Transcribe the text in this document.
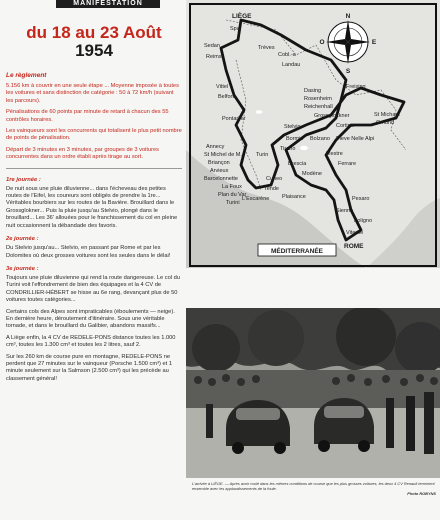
MANIFESTATION
du 18 au 23 Août
1954
Le règlement

5.156 km à couvrir en une seule étape ... Moyenne imposée à toutes les voitures et sans distinction de catégorie : 50 à 72 km/h (suivant les parcours).

Pénalisations de 60 points par minute de retard à chacun des 55 contrôles horaires.

Les vainqueurs sont les concurrents qui totalisent le plus petit nombre de points de pénalisation.

Départ de 3 minutes en 3 minutes, par groupes de 3 voitures concurrentes dans un ordre établi après tirage au sort.

1re journée :

De nuit sous une pluie diluvienne... dans l'écheveau des petites routes de l'Eifel, les coureurs sont obligés de prendre la 1re... Véritables bourbiers sur les routes de la Bavière. Brouillard dans le Grossglokner... Puis la pluie jusqu'au Stelvio, plongé dans le brouillard... Les 36' allouées pour le franchissement du col en pleine nuit occasionnent la débandade des favoris.

2e journée :

Du Stelvio jusqu'au... Stelvio, en passant par Rome et par les Dolomites où deux grosses voitures sont les seules dans le délai!

3e journée :

Toujours une pluie diluvienne qui rend la route dangereuse. Le col du Turini voit l'effondrement de bien des équipages et la 4 CV de CONDRILLIER-HÉBERT se hisse au 6e rang, devançant plus de 50 voitures toutes catégories...

Certains cols des Alpes sont impraticables (éboulements — neige). En dernière heure, déroutement d'itinéraire. Sous une véritable tornade, et dans le brouillard du Galibier, abandons massifs...

A Liège enfin, la 4 CV de REDELE-PONS distance toutes les 1.000 cm³, toutes les 1.300 cm³ et toutes les 2 litres, sauf 2.

Sur les 260 km de course pure en montagne, REDELE-PONS ne perdent que 27 minutes sur le vainqueur (Porsche 1.500 cm³) et 1 minute seulement sur la Salmson (2.500 cm³) qui les précède au classement général!

N
E
S
O
LIÈGE
Spa
Sedan	Trèves
Cobl.-a
Reims
Landau
Vittel
Belfort
Pontarlier
Dasing
Rosenheim
Reichenhall
Freising
Grossglockner	St Michael
Gmünd
Cortina
Stelvio
Pieve Nelle Alpi
Annecy
St Michel de M.
Briançon
Arvieux
Barcelonnette
La Foux
Plan du Var
Turini
Turin
Cuneo
Tende
Bormio Bolzano
Brescia
Mestre
Modène
Ferrare
Plaisance
Tirano
Pesaro
Sienne
Foligno
Viterbe
ROME
L'Escarène
MÉDITERRANÉE
L'arrivée à LIÈGE. — Après avoir roulé dans les mêmes conditions de course que les plus grosses voitures, les deux 4 CV Renault terminent ensemble avec les applaudissements de la foule.
Photo ROBYNS
